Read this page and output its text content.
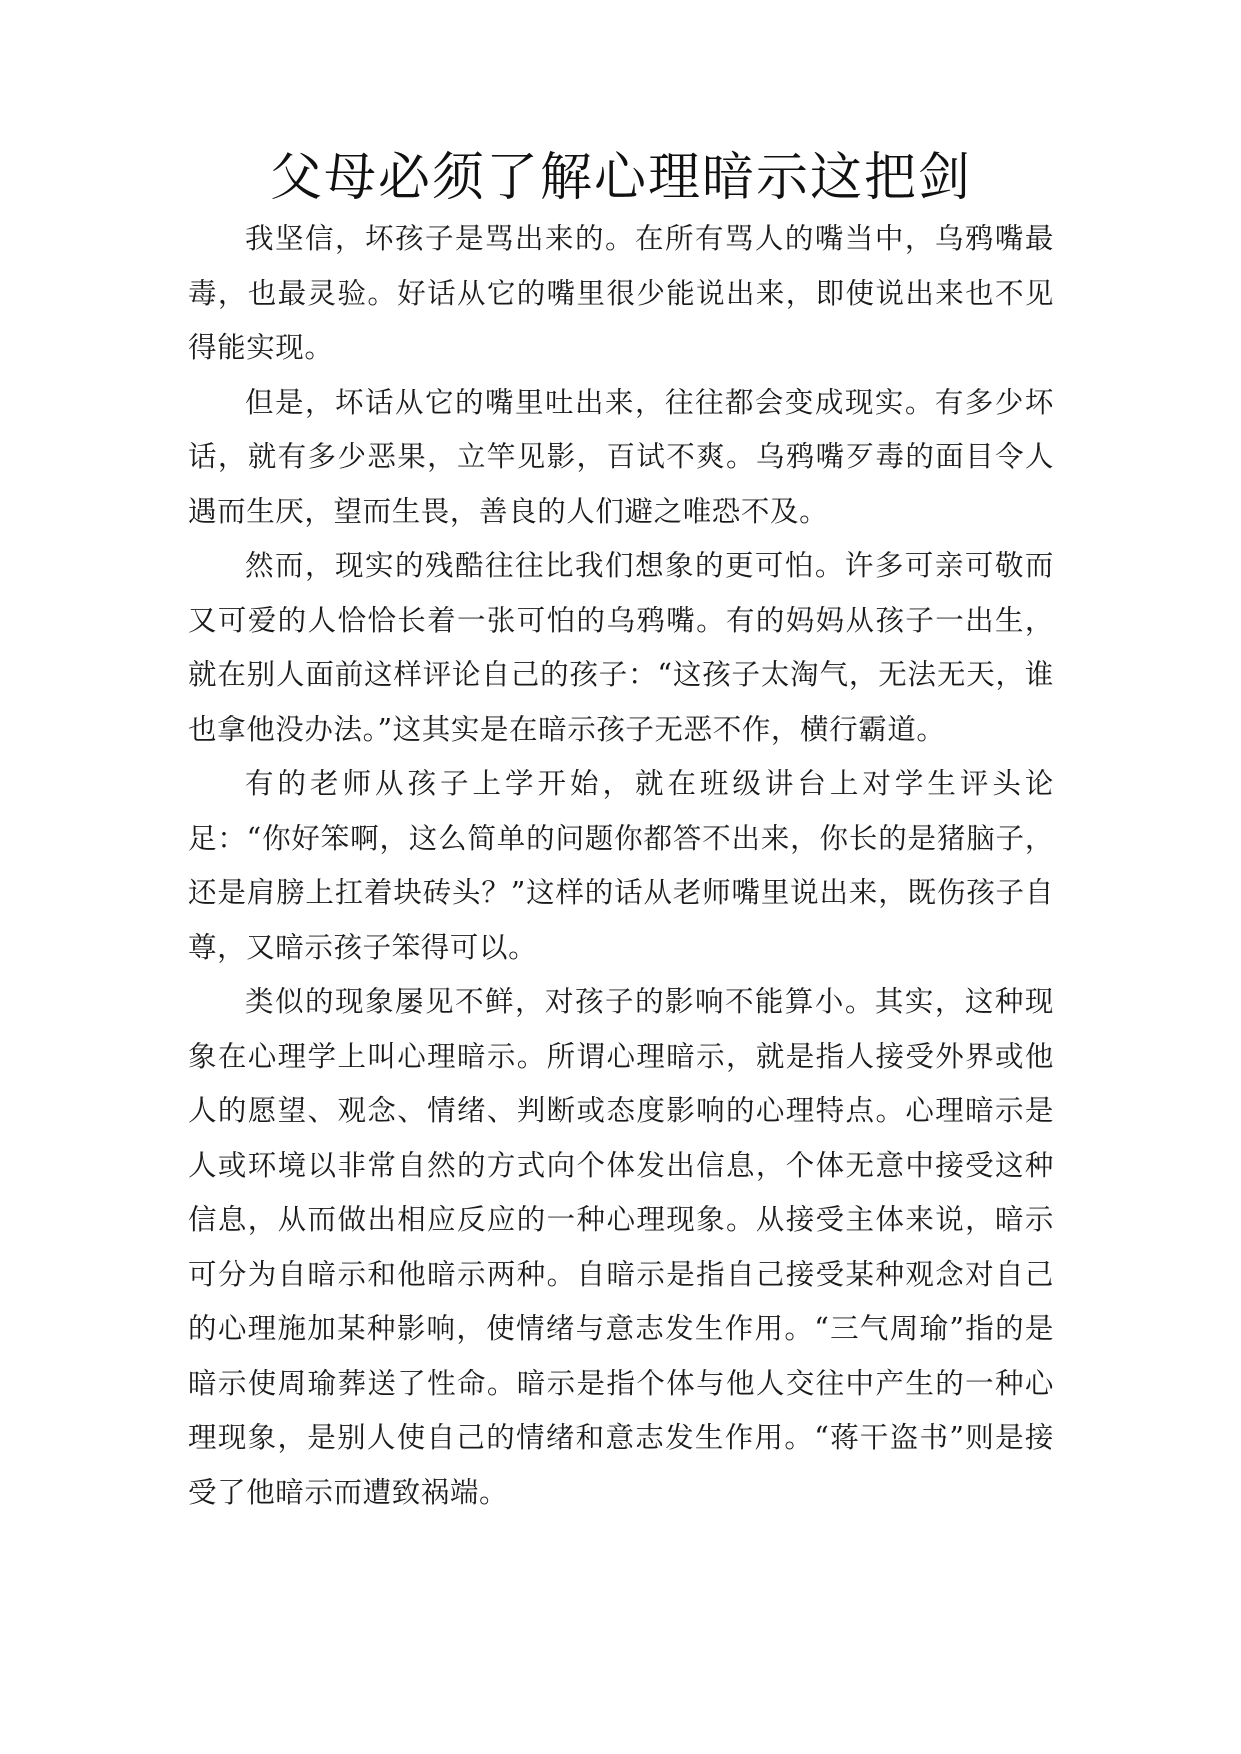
父母必须了解心理暗示这把剑

我坚信，坏孩子是骂出来的。在所有骂人的嘴当中，乌鸦嘴最毒，也最灵验。好话从它的嘴里很少能说出来，即使说出来也不见得能实现。

但是，坏话从它的嘴里吐出来，往往都会变成现实。有多少坏话，就有多少恶果，立竿见影，百试不爽。乌鸦嘴歹毒的面目令人遇而生厌，望而生畏，善良的人们避之唯恐不及。

然而，现实的残酷往往比我们想象的更可怕。许多可亲可敬而又可爱的人恰恰长着一张可怕的乌鸦嘴。有的妈妈从孩子一出生，就在别人面前这样评论自己的孩子：“这孩子太淘气，无法无天，谁也拿他没办法。”这其实是在暗示孩子无恶不作，横行霸道。

有的老师从孩子上学开始，就在班级讲台上对学生评头论足：“你好笨啊，这么简单的问题你都答不出来，你长的是猪脑子，还是肩膀上扛着块砖头？”这样的话从老师嘴里说出来，既伤孩子自尊，又暗示孩子笨得可以。

类似的现象屡见不鲜，对孩子的影响不能算小。其实，这种现象在心理学上叫心理暗示。所谓心理暗示，就是指人接受外界或他人的愿望、观念、情绪、判断或态度影响的心理特点。心理暗示是人或环境以非常自然的方式向个体发出信息，个体无意中接受这种信息，从而做出相应反应的一种心理现象。从接受主体来说，暗示可分为自暗示和他暗示两种。自暗示是指自己接受某种观念对自己的心理施加某种影响，使情绪与意志发生作用。“三气周瑜”指的是暗示使周瑜葬送了性命。暗示是指个体与他人交往中产生的一种心理现象，是别人使自己的情绪和意志发生作用。“蒋干盗书”则是接受了他暗示而遭致祸端。
